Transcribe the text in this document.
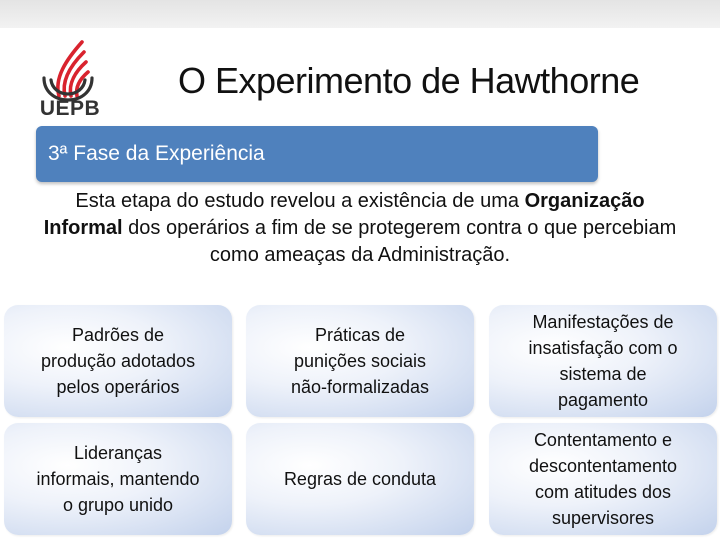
UEPB
O Experimento de Hawthorne
3ª Fase da Experiência
Esta etapa do estudo revelou a existência de uma Organização Informal dos operários a fim de se protegerem contra o que percebiam como ameaças da Administração.
Padrões de
produção adotados
pelos operários
Práticas de
punições sociais
não-formalizadas
Manifestações de
insatisfação com o
sistema de
pagamento
Lideranças
informais, mantendo
o grupo unido
Regras de conduta
Contentamento e
descontentamento
com atitudes dos
supervisores
